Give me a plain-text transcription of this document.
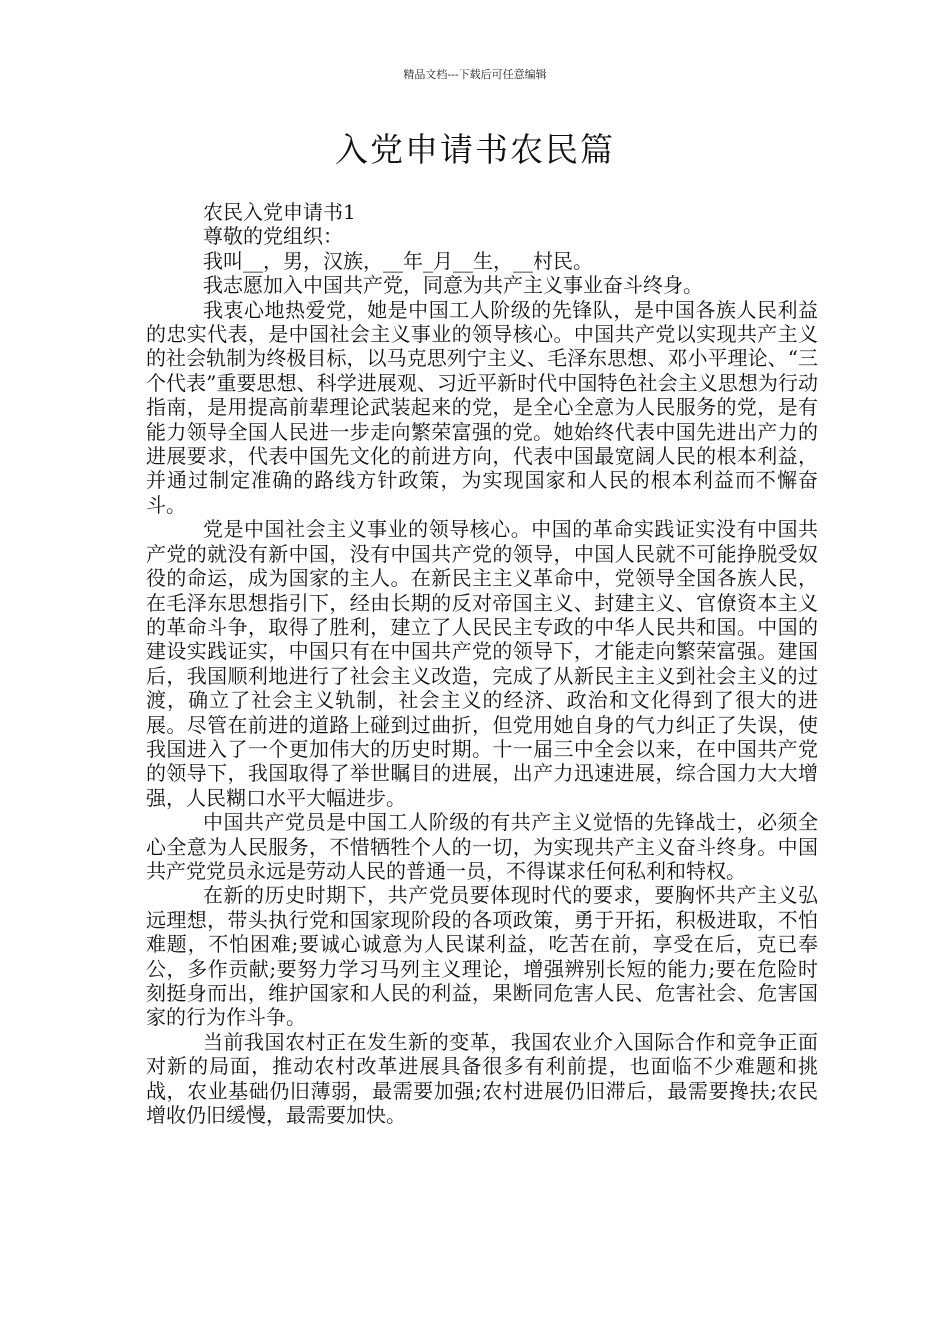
精品文档---下载后可任意编辑
入党申请书农民篇

农民入党申请书1

尊敬的党组织：

我叫__，男，汉族，__年_月__生，__村民。

我志愿加入中国共产党，同意为共产主义事业奋斗终身。

我衷心地热爱党，她是中国工人阶级的先锋队，是中国各族人民利益的忠实代表，是中国社会主义事业的领导核心。中国共产党以实现共产主义的社会轨制为终极目标，以马克思列宁主义、毛泽东思想、邓小平理论、“三个代表”重要思想、科学进展观、习近平新时代中国特色社会主义思想为行动指南，是用提高前辈理论武装起来的党，是全心全意为人民服务的党，是有能力领导全国人民进一步走向繁荣富强的党。她始终代表中国先进出产力的进展要求，代表中国先文化的前进方向，代表中国最宽阔人民的根本利益，并通过制定准确的路线方针政策，为实现国家和人民的根本利益而不懈奋斗。

党是中国社会主义事业的领导核心。中国的革命实践证实没有中国共产党的就没有新中国，没有中国共产党的领导，中国人民就不可能挣脱受奴役的命运，成为国家的主人。在新民主主义革命中，党领导全国各族人民，在毛泽东思想指引下，经由长期的反对帝国主义、封建主义、官僚资本主义的革命斗争，取得了胜利，建立了人民民主专政的中华人民共和国。中国的建设实践证实，中国只有在中国共产党的领导下，才能走向繁荣富强。建国后，我国顺利地进行了社会主义改造，完成了从新民主主义到社会主义的过渡，确立了社会主义轨制，社会主义的经济、政治和文化得到了很大的进展。尽管在前进的道路上碰到过曲折，但党用她自身的气力纠正了失误，使我国进入了一个更加伟大的历史时期。十一届三中全会以来，在中国共产党的领导下，我国取得了举世瞩目的进展，出产力迅速进展，综合国力大大增强，人民糊口水平大幅进步。

中国共产党员是中国工人阶级的有共产主义觉悟的先锋战士，必须全心全意为人民服务，不惜牺牲个人的一切，为实现共产主义奋斗终身。中国共产党党员永远是劳动人民的普通一员，不得谋求任何私利和特权。

在新的历史时期下，共产党员要体现时代的要求，要胸怀共产主义弘远理想，带头执行党和国家现阶段的各项政策，勇于开拓，积极进取，不怕难题，不怕困难;要诚心诚意为人民谋利益，吃苦在前，享受在后，克已奉公，多作贡献;要努力学习马列主义理论，增强辨别长短的能力;要在危险时刻挺身而出，维护国家和人民的利益，果断同危害人民、危害社会、危害国家的行为作斗争。

当前我国农村正在发生新的变革，我国农业介入国际合作和竞争正面对新的局面，推动农村改革进展具备很多有利前提，也面临不少难题和挑战，农业基础仍旧薄弱，最需要加强;农村进展仍旧滞后，最需要搀扶;农民增收仍旧缓慢，最需要加快。
